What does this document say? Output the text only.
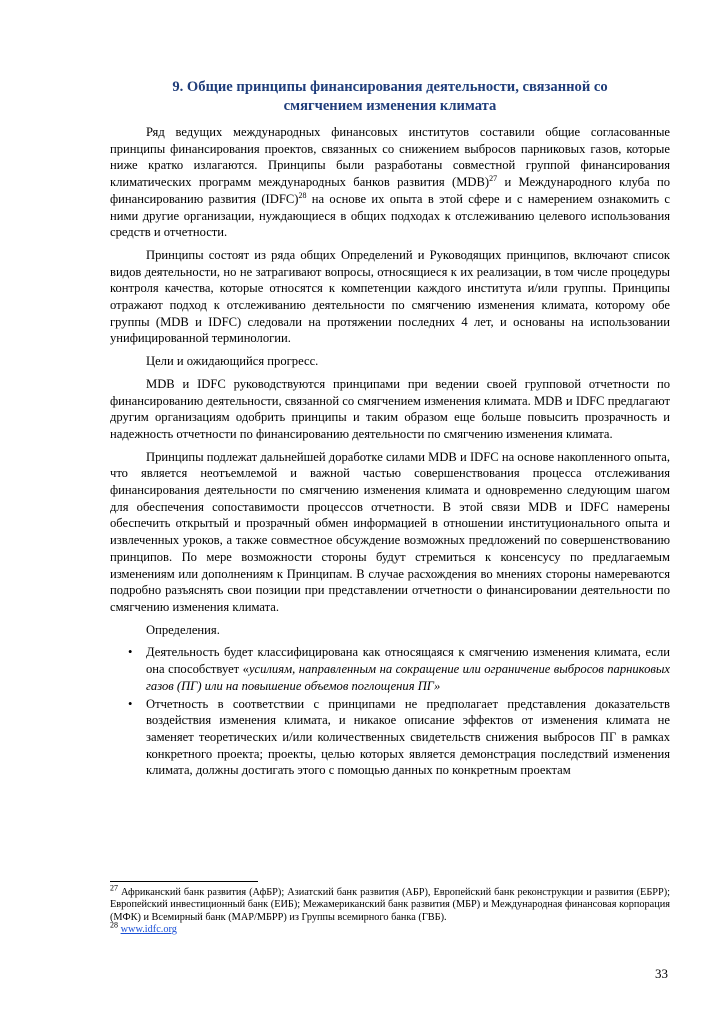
9. Общие принципы финансирования деятельности, связанной со
смягчением изменения климата

Ряд ведущих международных финансовых институтов составили общие согласованные принципы финансирования проектов, связанных со снижением выбросов парниковых газов, которые ниже кратко излагаются. Принципы были разработаны совместной группой финансирования климатических программ международных банков развития (MDB)$^{27}$ и Международного клуба по финансированию развития (IDFC)$^{28}$ на основе их опыта в этой сфере и с намерением ознакомить с ними другие организации, нуждающиеся в общих подходах к отслеживанию целевого использования средств и отчетности.

Принципы состоят из ряда общих Определений и Руководящих принципов, включают список видов деятельности, но не затрагивают вопросы, относящиеся к их реализации, в том числе процедуры контроля качества, которые относятся к компетенции каждого института и/или группы. Принципы отражают подход к отслеживанию деятельности по смягчению изменения климата, которому обе группы (MDB и IDFC) следовали на протяжении последних 4 лет, и основаны на использовании унифицированной терминологии.

Цели и ожидающийся прогресс.

MDB и IDFC руководствуются принципами при ведении своей групповой отчетности по финансированию деятельности, связанной со смягчением изменения климата. MDB и IDFC предлагают другим организациям одобрить принципы и таким образом еще больше повысить прозрачность и надежность отчетности по финансированию деятельности по смягчению изменения климата.

Принципы подлежат дальнейшей доработке силами MDB и IDFC на основе накопленного опыта, что является неотъемлемой и важной частью совершенствования процесса отслеживания финансирования деятельности по смягчению изменения климата и одновременно следующим шагом для обеспечения сопоставимости процессов отчетности. В этой связи MDB и IDFC намерены обеспечить открытый и прозрачный обмен информацией в отношении институционального опыта и извлеченных уроков, а также совместное обсуждение возможных предложений по совершенствованию принципов. По мере возможности стороны будут стремиться к консенсусу по предлагаемым изменениям или дополнениям к Принципам. В случае расхождения во мнениях стороны намереваются подробно разъяснять свои позиции при представлении отчетности о финансировании деятельности по смягчению изменения климата.

Определения.

• Деятельность будет классифицирована как относящаяся к смягчению изменения климата, если она способствует «усилиям, направленным на сокращение или ограничение выбросов парниковых газов (ПГ) или на повышение объемов поглощения ПГ»
• Отчетность в соответствии с принципами не предполагает представления доказательств воздействия изменения климата, и никакое описание эффектов от изменения климата не заменяет теоретических и/или количественных свидетельств снижения выбросов ПГ в рамках конкретного проекта; проекты, целью которых является демонстрация последствий изменения климата, должны достигать этого с помощью данных по конкретным проектам
$^{27}$ Африканский банк развития (АфБР); Азиатский банк развития (АБР), Европейский банк реконструкции и развития (ЕБРР); Европейский инвестиционный банк (ЕИБ); Межамериканский банк развития (МБР) и Международная финансовая корпорация (МФК) и Всемирный банк (МАР/МБРР) из Группы всемирного банка (ГВБ).
$^{28}$ www.idfc.org
33
